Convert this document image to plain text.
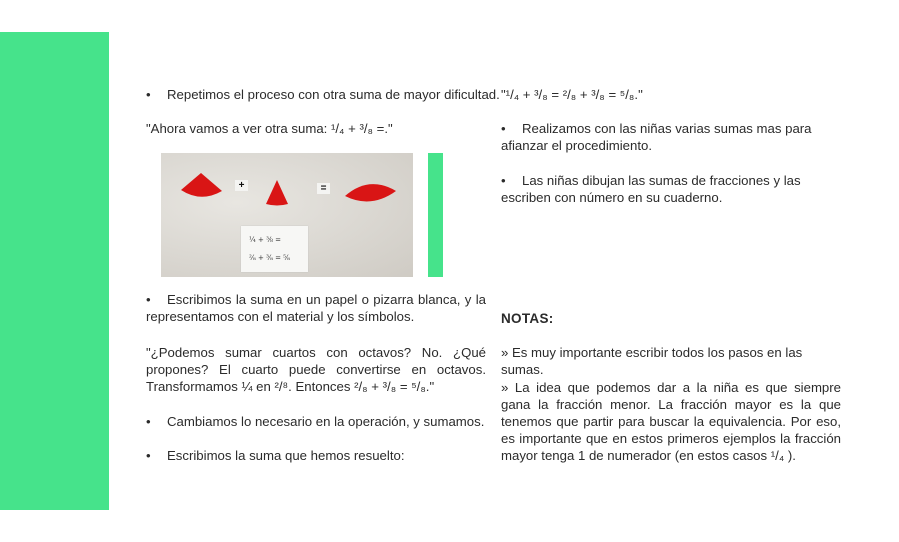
• Repetimos el proceso con otra suma de mayor dificultad.

"Ahora vamos a ver otra suma: ¹/₄ + ³/₈ =."

• Escribimos la suma en un papel o pizarra blanca, y la representamos con el material y los símbolos.

"¿Podemos sumar cuartos con octavos? No. ¿Qué propones? El cuarto puede convertirse en octavos. Transformamos ¼ en ²/⁸. Entonces ²/₈ + ³/₈ = ⁵/₈."

• Cambiamos lo necesario en la operación, y sumamos.

• Escribimos la suma que hemos resuelto:

+	=
¼ + ⅜ =
²⁄₈ + ³⁄₈ = ⁵⁄₈

"¹/₄ + ³/₈ = ²/₈ + ³/₈ = ⁵/₈."

• Realizamos con las niñas varias sumas mas para afianzar el procedimiento.

• Las niñas dibujan las sumas de fracciones y las escriben con número en su cuaderno.

NOTAS:

» Es muy importante escribir todos los pasos en las sumas.

» La idea que podemos dar a la niña es que siempre gana la fracción menor. La fracción mayor es la que tenemos que partir para buscar la equivalencia. Por eso, es importante que en estos primeros ejemplos la fracción mayor tenga 1 de numerador (en estos casos ¹/₄ ).
